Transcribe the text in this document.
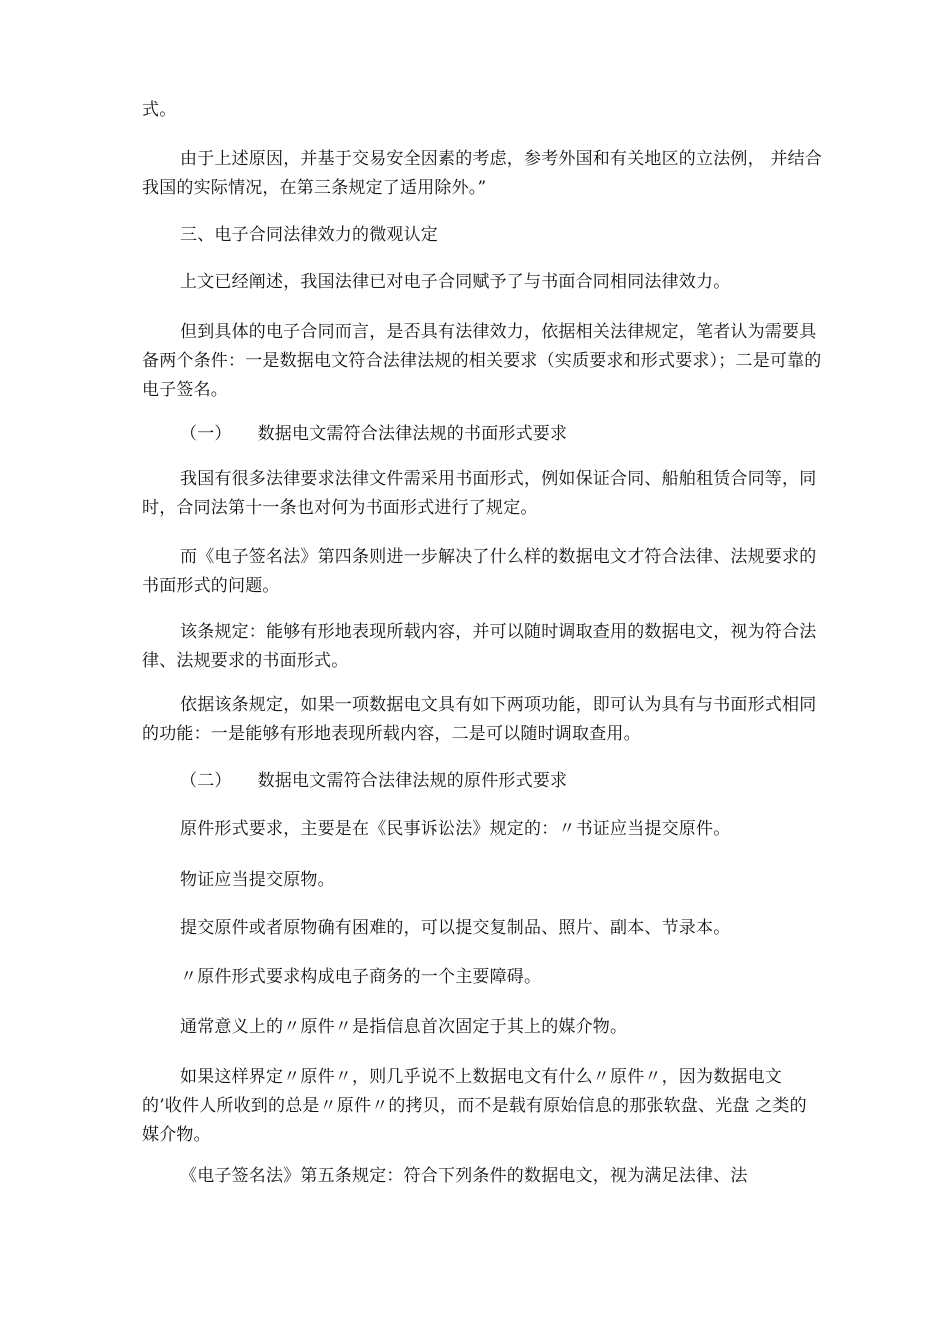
式。

由于上述原因，并基于交易安全因素的考虑，参考外国和有关地区的立法例， 并结合我国的实际情况，在第三条规定了适用除外。”

三、电子合同法律效力的微观认定

上文已经阐述，我国法律已对电子合同赋予了与书面合同相同法律效力。

但到具体的电子合同而言，是否具有法律效力，依据相关法律规定，笔者认为需要具备两个条件：一是数据电文符合法律法规的相关要求（实质要求和形式要求）；二是可靠的电子签名。

（一） 数据电文需符合法律法规的书面形式要求

我国有很多法律要求法律文件需采用书面形式，例如保证合同、船舶租赁合同等，同时，合同法第十一条也对何为书面形式进行了规定。

而《电子签名法》第四条则进一步解决了什么样的数据电文才符合法律、法规要求的书面形式的问题。

该条规定：能够有形地表现所载内容，并可以随时调取查用的数据电文，视为符合法律、法规要求的书面形式。

依据该条规定，如果一项数据电文具有如下两项功能，即可认为具有与书面形式相同的功能：一是能够有形地表现所载内容，二是可以随时调取查用。

（二） 数据电文需符合法律法规的原件形式要求

原件形式要求，主要是在《民事诉讼法》规定的：〃书证应当提交原件。

物证应当提交原物。

提交原件或者原物确有困难的，可以提交复制品、照片、副本、节录本。

〃原件形式要求构成电子商务的一个主要障碍。

通常意义上的〃原件〃是指信息首次固定于其上的媒介物。

如果这样界定〃原件〃，则几乎说不上数据电文有什么〃原件〃，因为数据电文 的’收件人所收到的总是〃原件〃的拷贝，而不是载有原始信息的那张软盘、光盘 之类的媒介物。

《电子签名法》第五条规定：符合下列条件的数据电文，视为满足法律、法
